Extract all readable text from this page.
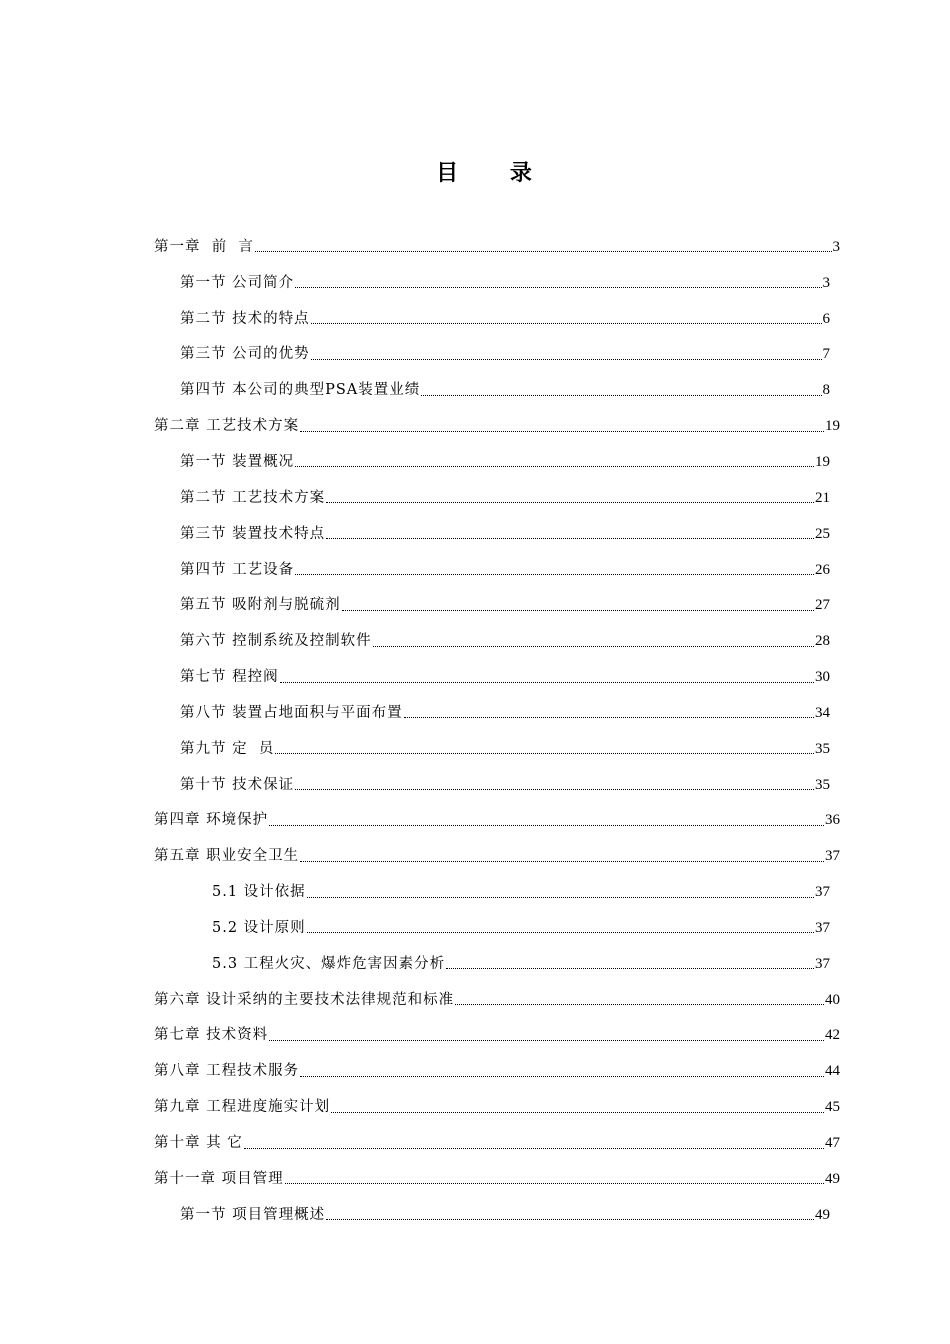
目 录
第一章  前  言	3
第一节 公司简介	3
第二节 技术的特点	6
第三节 公司的优势	7
第四节 本公司的典型PSA装置业绩	8
第二章 工艺技术方案	19
第一节 装置概况	19
第二节 工艺技术方案	21
第三节 装置技术特点	25
第四节 工艺设备	26
第五节 吸附剂与脱硫剂	27
第六节 控制系统及控制软件	28
第七节 程控阀	30
第八节 装置占地面积与平面布置	34
第九节 定  员	35
第十节 技术保证	35
第四章 环境保护	36
第五章 职业安全卫生	37
5.1 设计依据	37
5.2 设计原则	37
5.3 工程火灾、爆炸危害因素分析	37
第六章 设计采纳的主要技术法律规范和标准	40
第七章 技术资料	42
第八章 工程技术服务	44
第九章 工程进度施实计划	45
第十章 其 它	47
第十一章 项目管理	49
第一节 项目管理概述	49
